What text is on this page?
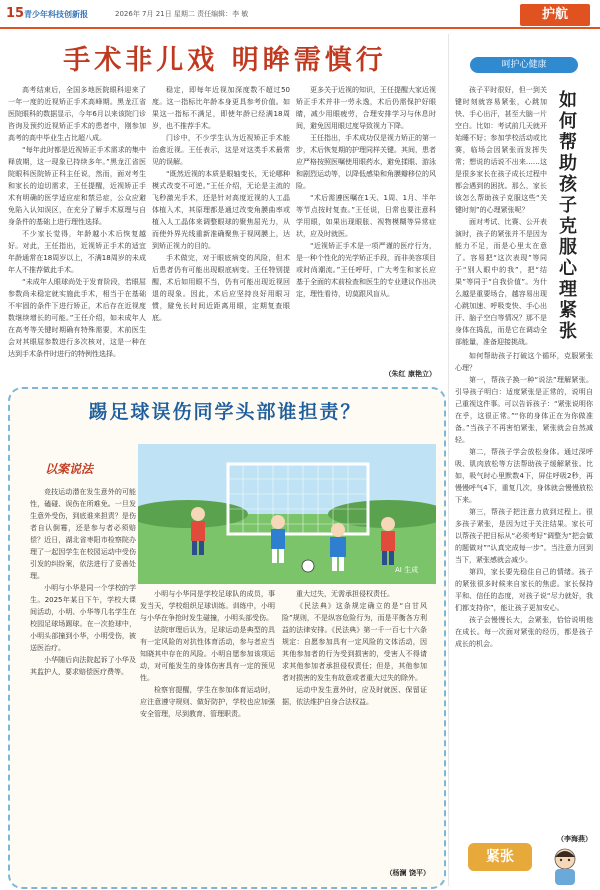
15 青少年科技创新报	2026年 7月 21日 星期二 责任编辑：李 敏	护航
手术非儿戏 明眸需慎行

高考结束后，全国多地医院眼科迎来了一年一度的近视矫正手术高峰期。黑龙江省医院眼科的数据显示，今年6月以来该院门诊咨询及预约近视矫正手术的患者中，刚参加高考的高中毕业生占比超八成。

“每年此时都是近视矫正手术需求的集中释放期，这一现象已持续多年。”黑龙江省医院眼科医院矫正科主任说，然而，面对考生和家长的迫切需求，王任提醒，近视矫正手术有明确的医学适应症和禁忌症，公众应避免陷入认知误区，在充分了解手术原理与自身条件的基础上进行理性选择。

不少家长觉得，年龄越小术后恢复越好。对此，王任指出，近视矫正手术的适宜年龄通常在18周岁以上，不满18周岁的未成年人不推荐做此手术。

“未成年人眼球尚处于发育阶段，若眼屈参数尚未稳定就实施此手术，相当于在基础不牢固的条件下进行矫正，术后存在近视度数继续增长的可能。”王任介绍，如未成年人在高考等关键时期确有特殊需要，术前医生会对其眼屈参数进行多次核对，这是一种在达到手术条件时进行的特例性选择。

稳定，即每年近视加深度数不超过50度。这一指标比年龄本身更具参考价值。如果这一指标不满足，即使年龄已经满18周岁，也不推荐手术。

门诊中，不少学生认为近视矫正手术能治愈近视。王任表示，这是对这类手术最常见的误解。

“既然近视的本质是眼轴变长，无论哪种模式改变不可逆。”王任介绍，无论是主流的飞秒激光手术，还是针对高度近视的人工晶体植入术，其原理都是通过改变角膜曲率或植入人工晶体来调整眼球的聚焦屈光力，从而使外界光线重新准确聚焦于视网膜上，达到矫正视力的目的。

手术做完，对于眼底病变的风险，但术后患者仍有可能出现眼底病变。王任特别提醒，术后如用眼不当，仍有可能出现近视回退的现象。因此，术后应坚持良好用眼习惯，避免长时间近距离用眼，定期复查眼底。

更多关于近视的知识，王任提醒大家近视矫正手术并非一劳永逸，术后仍需保护好眼睛，减少用眼疲劳，合理安排学习与休息时间，避免因用眼过度导致视力下降。

王任指出，手术成功仅是视力矫正的第一步，术后恢复期的护理同样关键。其间，患者应严格按照医嘱使用眼药水，避免揉眼、游泳和剧烈运动等，以降低感染和角膜瓣移位的风险。

“术后需遵医嘱在1天、1周、1月、半年等节点按时复查。”王任说，日常也要注意科学用眼，如果出现眼胀、视物模糊等异常症状，应及时就医。

“近视矫正手术是一项严谨的医疗行为，是一种个性化的光学矫正手段，而非美容项目或时尚潮流。”王任呼吁，广大考生和家长应基于全面的术前检查和医生的专业建议作出决定，理性看待，切莫跟风盲从。

（朱红 康艳立）
呵护心健康
如何帮助孩子克服心理紧张

孩子平时很好，但一到关键时刻就容易紧张，心跳加快、手心出汗，甚至大脑一片空白。比如：考试前几天就开始睡不好；参加学校活动或比赛，临场会因紧张而发挥失常；想说的话说不出来……这是很多家长在孩子成长过程中都会遇到的困扰。那么，家长该怎么帮助孩子克服这些“关键时刻”的心理紧张呢？

面对考试、比赛、公开表演时，孩子的紧张并不是因为能力不足，而是心里太在意了。容易把“这次表现”等同于“别人眼中的我”，把“结果”等同于“自我价值”。为什么越是重要场合，越容易出现心跳加速、呼吸变快、手心出汗、脑子空白等情况？那不是身体在捣乱，而是它在调动全部能量，准备迎接挑战。

如何帮助孩子打破这个循环，克服紧张心理？

第一，帮孩子换一种“说法”理解紧张。引导孩子明白：适度紧张是正常的，说明自己重视这件事。可以告诉孩子：“紧张说明你在乎，这很正常。”“你的身体正在为你做准备。”当孩子不再害怕紧张，紧张就会自然减轻。

第二，帮孩子学会放松身体。通过深呼吸、肌肉放松等方法帮助孩子缓解紧张。比如，吸气时心里默数4下，屏住呼吸2秒，再慢慢呼气4下，重复几次，身体就会慢慢放松下来。

第三，帮孩子把注意力放到过程上。很多孩子紧张，是因为过于关注结果。家长可以帮孩子把目标从“必须考好”调整为“把会做的题做对”“认真完成每一步”。当注意力回到当下，紧张感就会减少。

第四，家长要先稳住自己的情绪。孩子的紧张很多时候来自家长的焦虑。家长保持平和、信任的态度，对孩子说“尽力就好，我们都支持你”，能让孩子更加安心。

孩子会慢慢长大，会紧张，恰恰说明他在成长。每一次面对紧张的经历，都是孩子成长的机会。

（李海燕）
紧张
踢足球误伤同学头部谁担责？
以案说法
AI 生成

竞技运动潜在发生意外的可能性，磕碰、误伤在所难免。一旦发生意外受伤，到底谁来担责？是伤者自认倒霉，还是参与者必须赔偿？近日，湖北省枣阳市检察院办理了一起因学生在校园运动中受伤引发的纠纷案，依法进行了妥善处理。

小明与小华是同一个学校的学生。2025年某日下午，学校大课间活动，小明、小华等几名学生在校园足球场踢球。在一次抢球中，小明头部撞到小华，小明受伤，被送医治疗。

小华随后向法院起诉了小华及其监护人，要求赔偿医疗费等。

小明与小华同是学校足球队的成员，事发当天，学校组织足球训练。训练中，小明与小华在争抢时发生碰撞，小明头部受伤。

法院审理后认为，足球运动是典型的具有一定风险的对抗性体育活动，参与者应当知晓其中存在的风险。小明自愿参加该项运动，对可能发生的身体伤害具有一定的预见性。

检察官提醒，学生在参加体育运动时，应注意遵守规则、做好防护，学校也应加强安全管理，尽到教育、管理职责。

重大过失，无需承担侵权责任。

《民法典》这条规定确立的是“自甘风险”规则，不是纵容危险行为，而是平衡各方利益的法律安排。《民法典》第一千一百七十六条规定：自愿参加具有一定风险的文体活动，因其他参加者的行为受到损害的，受害人不得请求其他参加者承担侵权责任；但是，其他参加者对损害的发生有故意或者重大过失的除外。

运动中发生意外时，应及时就医、保留证据，依法维护自身合法权益。

（杨澜 饶平）
